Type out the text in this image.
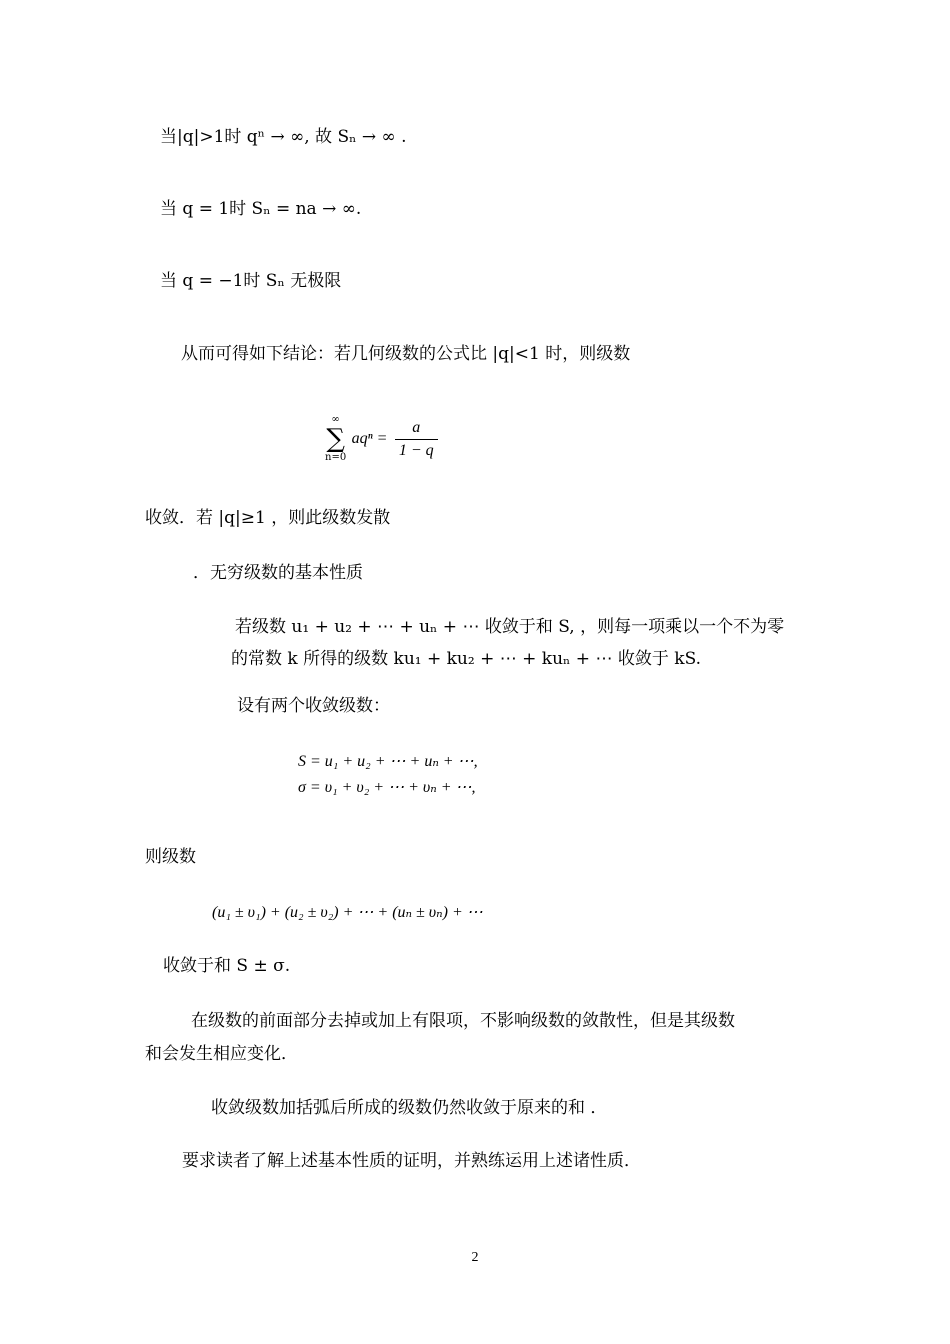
当|q|>1时 qⁿ → ∞, 故 Sₙ → ∞ .
当 q = 1时 Sₙ = na → ∞.
当 q = −1时 Sₙ 无极限
从而可得如下结论：若几何级数的公式比 |q|<1 时，则级数
∞
∑
n=0
$aq^n = \frac{a}{1 - q}$
收敛．若 |q|≥1 ，则此级数发散
．无穷级数的基本性质
若级数 u₁ + u₂ + ⋯ + uₙ + ⋯ 收敛于和 S, ，则每一项乘以一个不为零
的常数 k 所得的级数 ku₁ + ku₂ + ⋯ + kuₙ + ⋯ 收敛于 kS.
设有两个收敛级数：
S = u₁ + u₂ + ⋯ + uₙ + ⋯,
σ = υ₁ + υ₂ + ⋯ + υₙ + ⋯,
则级数
(u₁ ± υ₁) + (u₂ ± υ₂) + ⋯ + (uₙ ± υₙ) + ⋯
收敛于和 S ± σ.
在级数的前面部分去掉或加上有限项，不影响级数的敛散性，但是其级数
和会发生相应变化．
收敛级数加括弧后所成的级数仍然收敛于原来的和 ．
要求读者了解上述基本性质的证明，并熟练运用上述诸性质．
2
